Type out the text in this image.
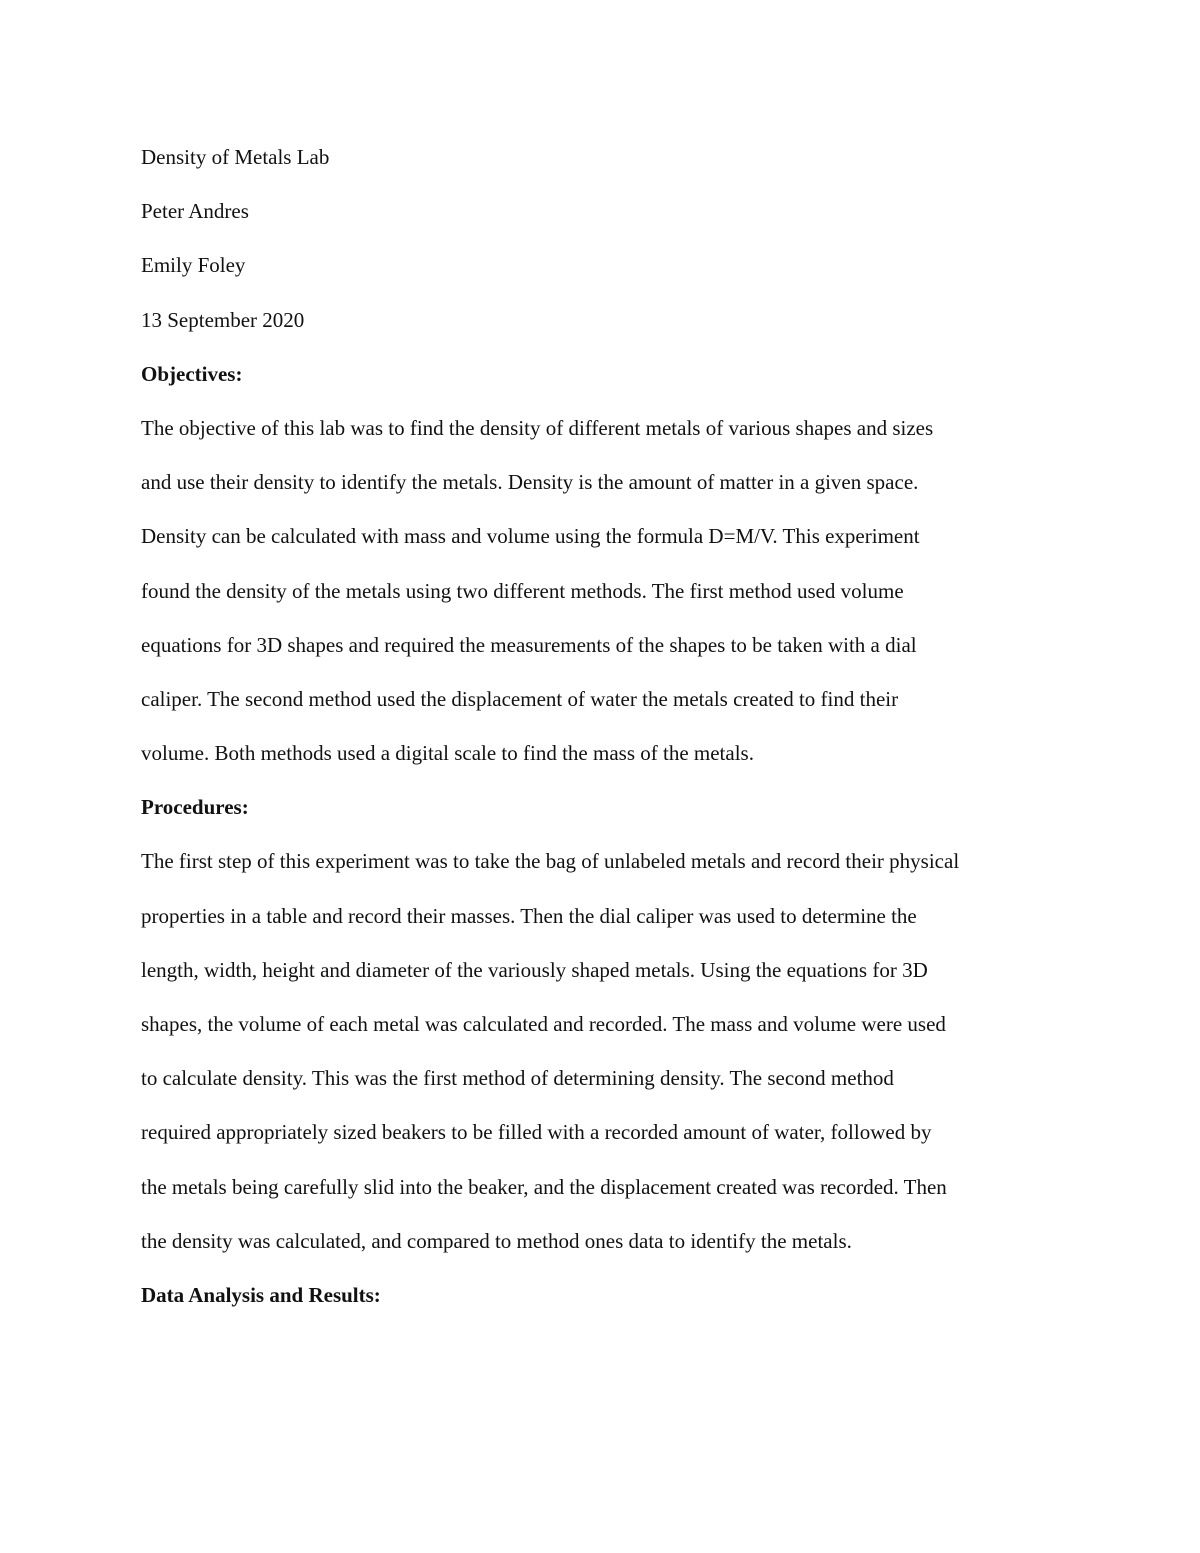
Density of Metals Lab
Peter Andres
Emily Foley
13 September 2020
Objectives:
The objective of this lab was to find the density of different metals of various shapes and sizes
and use their density to identify the metals. Density is the amount of matter in a given space.
Density can be calculated with mass and volume using the formula D=M/V. This experiment
found the density of the metals using two different methods. The first method used volume
equations for 3D shapes and required the measurements of the shapes to be taken with a dial
caliper. The second method used the displacement of water the metals created to find their
volume. Both methods used a digital scale to find the mass of the metals.
Procedures:
The first step of this experiment was to take the bag of unlabeled metals and record their physical
properties in a table and record their masses. Then the dial caliper was used to determine the
length, width, height and diameter of the variously shaped metals. Using the equations for 3D
shapes, the volume of each metal was calculated and recorded. The mass and volume were used
to calculate density. This was the first method of determining density. The second method
required appropriately sized beakers to be filled with a recorded amount of water, followed by
the metals being carefully slid into the beaker, and the displacement created was recorded. Then
the density was calculated, and compared to method ones data to identify the metals.
Data Analysis and Results:
